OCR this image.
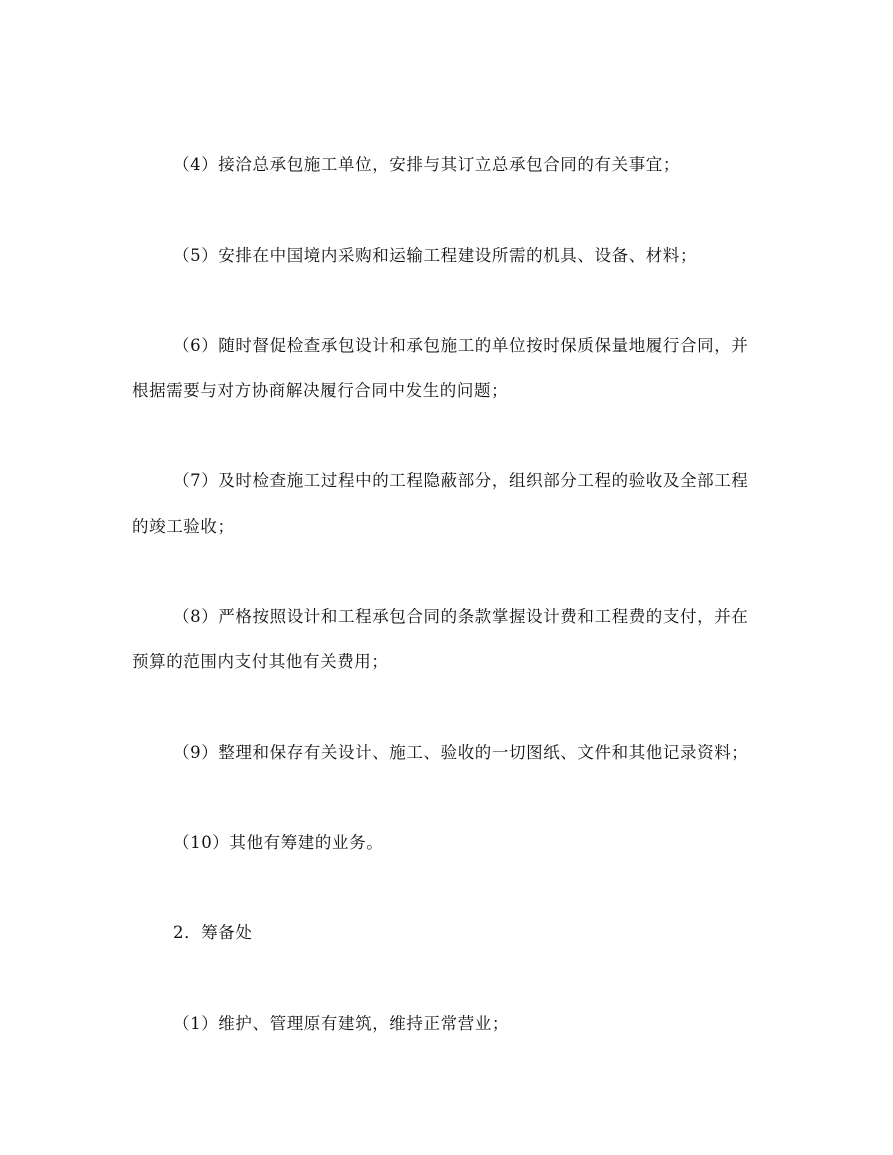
（4）接洽总承包施工单位，安排与其订立总承包合同的有关事宜；
（5）安排在中国境内采购和运输工程建设所需的机具、设备、材料；
（6）随时督促检查承包设计和承包施工的单位按时保质保量地履行合同，并
根据需要与对方协商解决履行合同中发生的问题；
（7）及时检查施工过程中的工程隐蔽部分，组织部分工程的验收及全部工程
的竣工验收；
（8）严格按照设计和工程承包合同的条款掌握设计费和工程费的支付，并在
预算的范围内支付其他有关费用；
（9）整理和保存有关设计、施工、验收的一切图纸、文件和其他记录资料；
（10）其他有筹建的业务。
2．筹备处
（1）维护、管理原有建筑，维持正常营业；
